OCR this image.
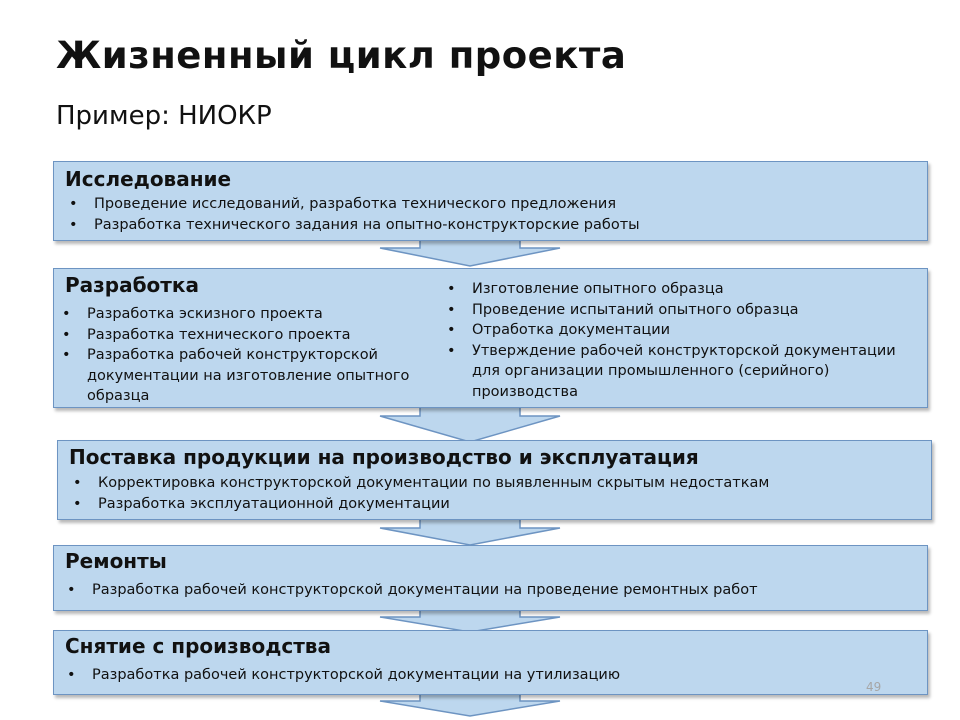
Жизненный цикл проекта
Пример: НИОКР
Исследование
• Проведение исследований, разработка технического предложения
• Разработка технического задания на опытно-конструкторские работы
Разработка
• Разработка эскизного проекта
• Разработка технического проекта
• Разработка рабочей конструкторской документации на изготовление опытного образца
• Изготовление опытного образца
• Проведение испытаний опытного образца
• Отработка документации
• Утверждение рабочей конструкторской документации для организации промышленного (серийного) производства
Поставка продукции на производство и эксплуатация
• Корректировка конструкторской документации по выявленным скрытым недостаткам
• Разработка эксплуатационной документации
Ремонты
• Разработка рабочей конструкторской документации на проведение ремонтных работ
Снятие с производства
• Разработка рабочей конструкторской документации на утилизацию
49
